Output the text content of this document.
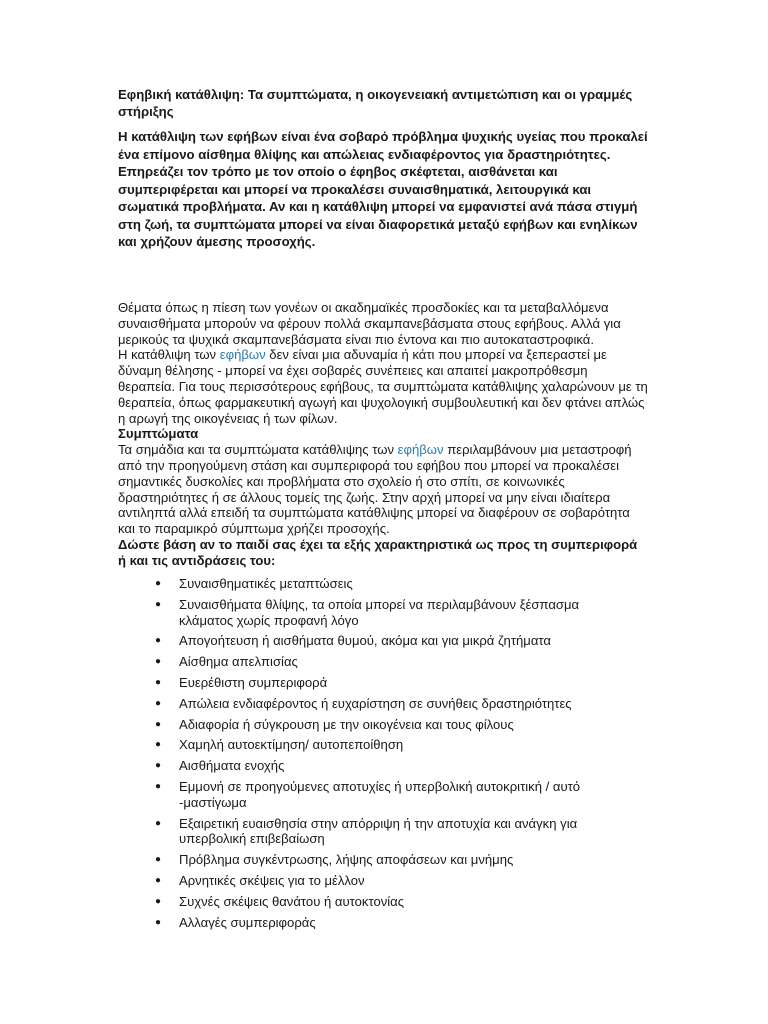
Εφηβική κατάθλιψη: Τα συμπτώματα, η οικογενειακή αντιμετώπιση και οι γραμμές στήριξης

Η κατάθλιψη των εφήβων είναι ένα σοβαρό πρόβλημα ψυχικής υγείας που προκαλεί ένα επίμονο αίσθημα θλίψης και απώλειας ενδιαφέροντος για δραστηριότητες. Επηρεάζει τον τρόπο με τον οποίο ο έφηβος σκέφτεται, αισθάνεται και συμπεριφέρεται και μπορεί να προκαλέσει συναισθηματικά, λειτουργικά και σωματικά προβλήματα. Αν και η κατάθλιψη μπορεί να εμφανιστεί ανά πάσα στιγμή στη ζωή, τα συμπτώματα μπορεί να είναι διαφορετικά μεταξύ εφήβων και ενηλίκων και χρήζουν άμεσης προσοχής.

Θέματα όπως η πίεση των γονέων οι ακαδημαϊκές προσδοκίες και τα μεταβαλλόμενα συναισθήματα μπορούν να φέρουν πολλά σκαμπανεβάσματα στους εφήβους. Αλλά για μερικούς τα ψυχικά σκαμπανεβάσματα είναι πιο έντονα και πιο αυτοκαταστροφικά.

Η κατάθλιψη των εφήβων δεν είναι μια αδυναμία ή κάτι που μπορεί να ξεπεραστεί με δύναμη θέλησης - μπορεί να έχει σοβαρές συνέπειες και απαιτεί μακροπρόθεσμη θεραπεία. Για τους περισσότερους εφήβους, τα συμπτώματα κατάθλιψης χαλαρώνουν με τη θεραπεία, όπως φαρμακευτική αγωγή και ψυχολογική συμβουλευτική και δεν φτάνει απλώς η αρωγή της οικογένειας ή των φίλων.

Συμπτώματα

Τα σημάδια και τα συμπτώματα κατάθλιψης των εφήβων περιλαμβάνουν μια μεταστροφή από την προηγούμενη στάση και συμπεριφορά του εφήβου που μπορεί να προκαλέσει σημαντικές δυσκολίες και προβλήματα στο σχολείο ή στο σπίτι, σε κοινωνικές δραστηριότητες ή σε άλλους τομείς της ζωής. Στην αρχή μπορεί να μην είναι ιδιαίτερα αντιληπτά αλλά επειδή τα συμπτώματα κατάθλιψης μπορεί να διαφέρουν σε σοβαρότητα και το παραμικρό σύμπτωμα χρήζει προσοχής.

Δώστε βάση αν το παιδί σας έχει τα εξής χαρακτηριστικά ως προς τη συμπεριφορά ή και τις αντιδράσεις του:

● Συναισθηματικές μεταπτώσεις
● Συναισθήματα θλίψης, τα οποία μπορεί να περιλαμβάνουν ξέσπασμα κλάματος χωρίς προφανή λόγο
● Απογοήτευση ή αισθήματα θυμού, ακόμα και για μικρά ζητήματα
● Αίσθημα απελπισίας
● Ευερέθιστη συμπεριφορά
● Απώλεια ενδιαφέροντος ή ευχαρίστηση σε συνήθεις δραστηριότητες
● Αδιαφορία ή σύγκρουση με την οικογένεια και τους φίλους
● Χαμηλή αυτοεκτίμηση/ αυτοπεποίθηση
● Αισθήματα ενοχής
● Εμμονή σε προηγούμενες αποτυχίες ή υπερβολική αυτοκριτική / αυτό -μαστίγωμα
● Εξαιρετική ευαισθησία στην απόρριψη ή την αποτυχία και ανάγκη για υπερβολική επιβεβαίωση
● Πρόβλημα συγκέντρωσης, λήψης αποφάσεων και μνήμης
● Αρνητικές σκέψεις για το μέλλον
● Συχνές σκέψεις θανάτου ή αυτοκτονίας
● Αλλαγές συμπεριφοράς
